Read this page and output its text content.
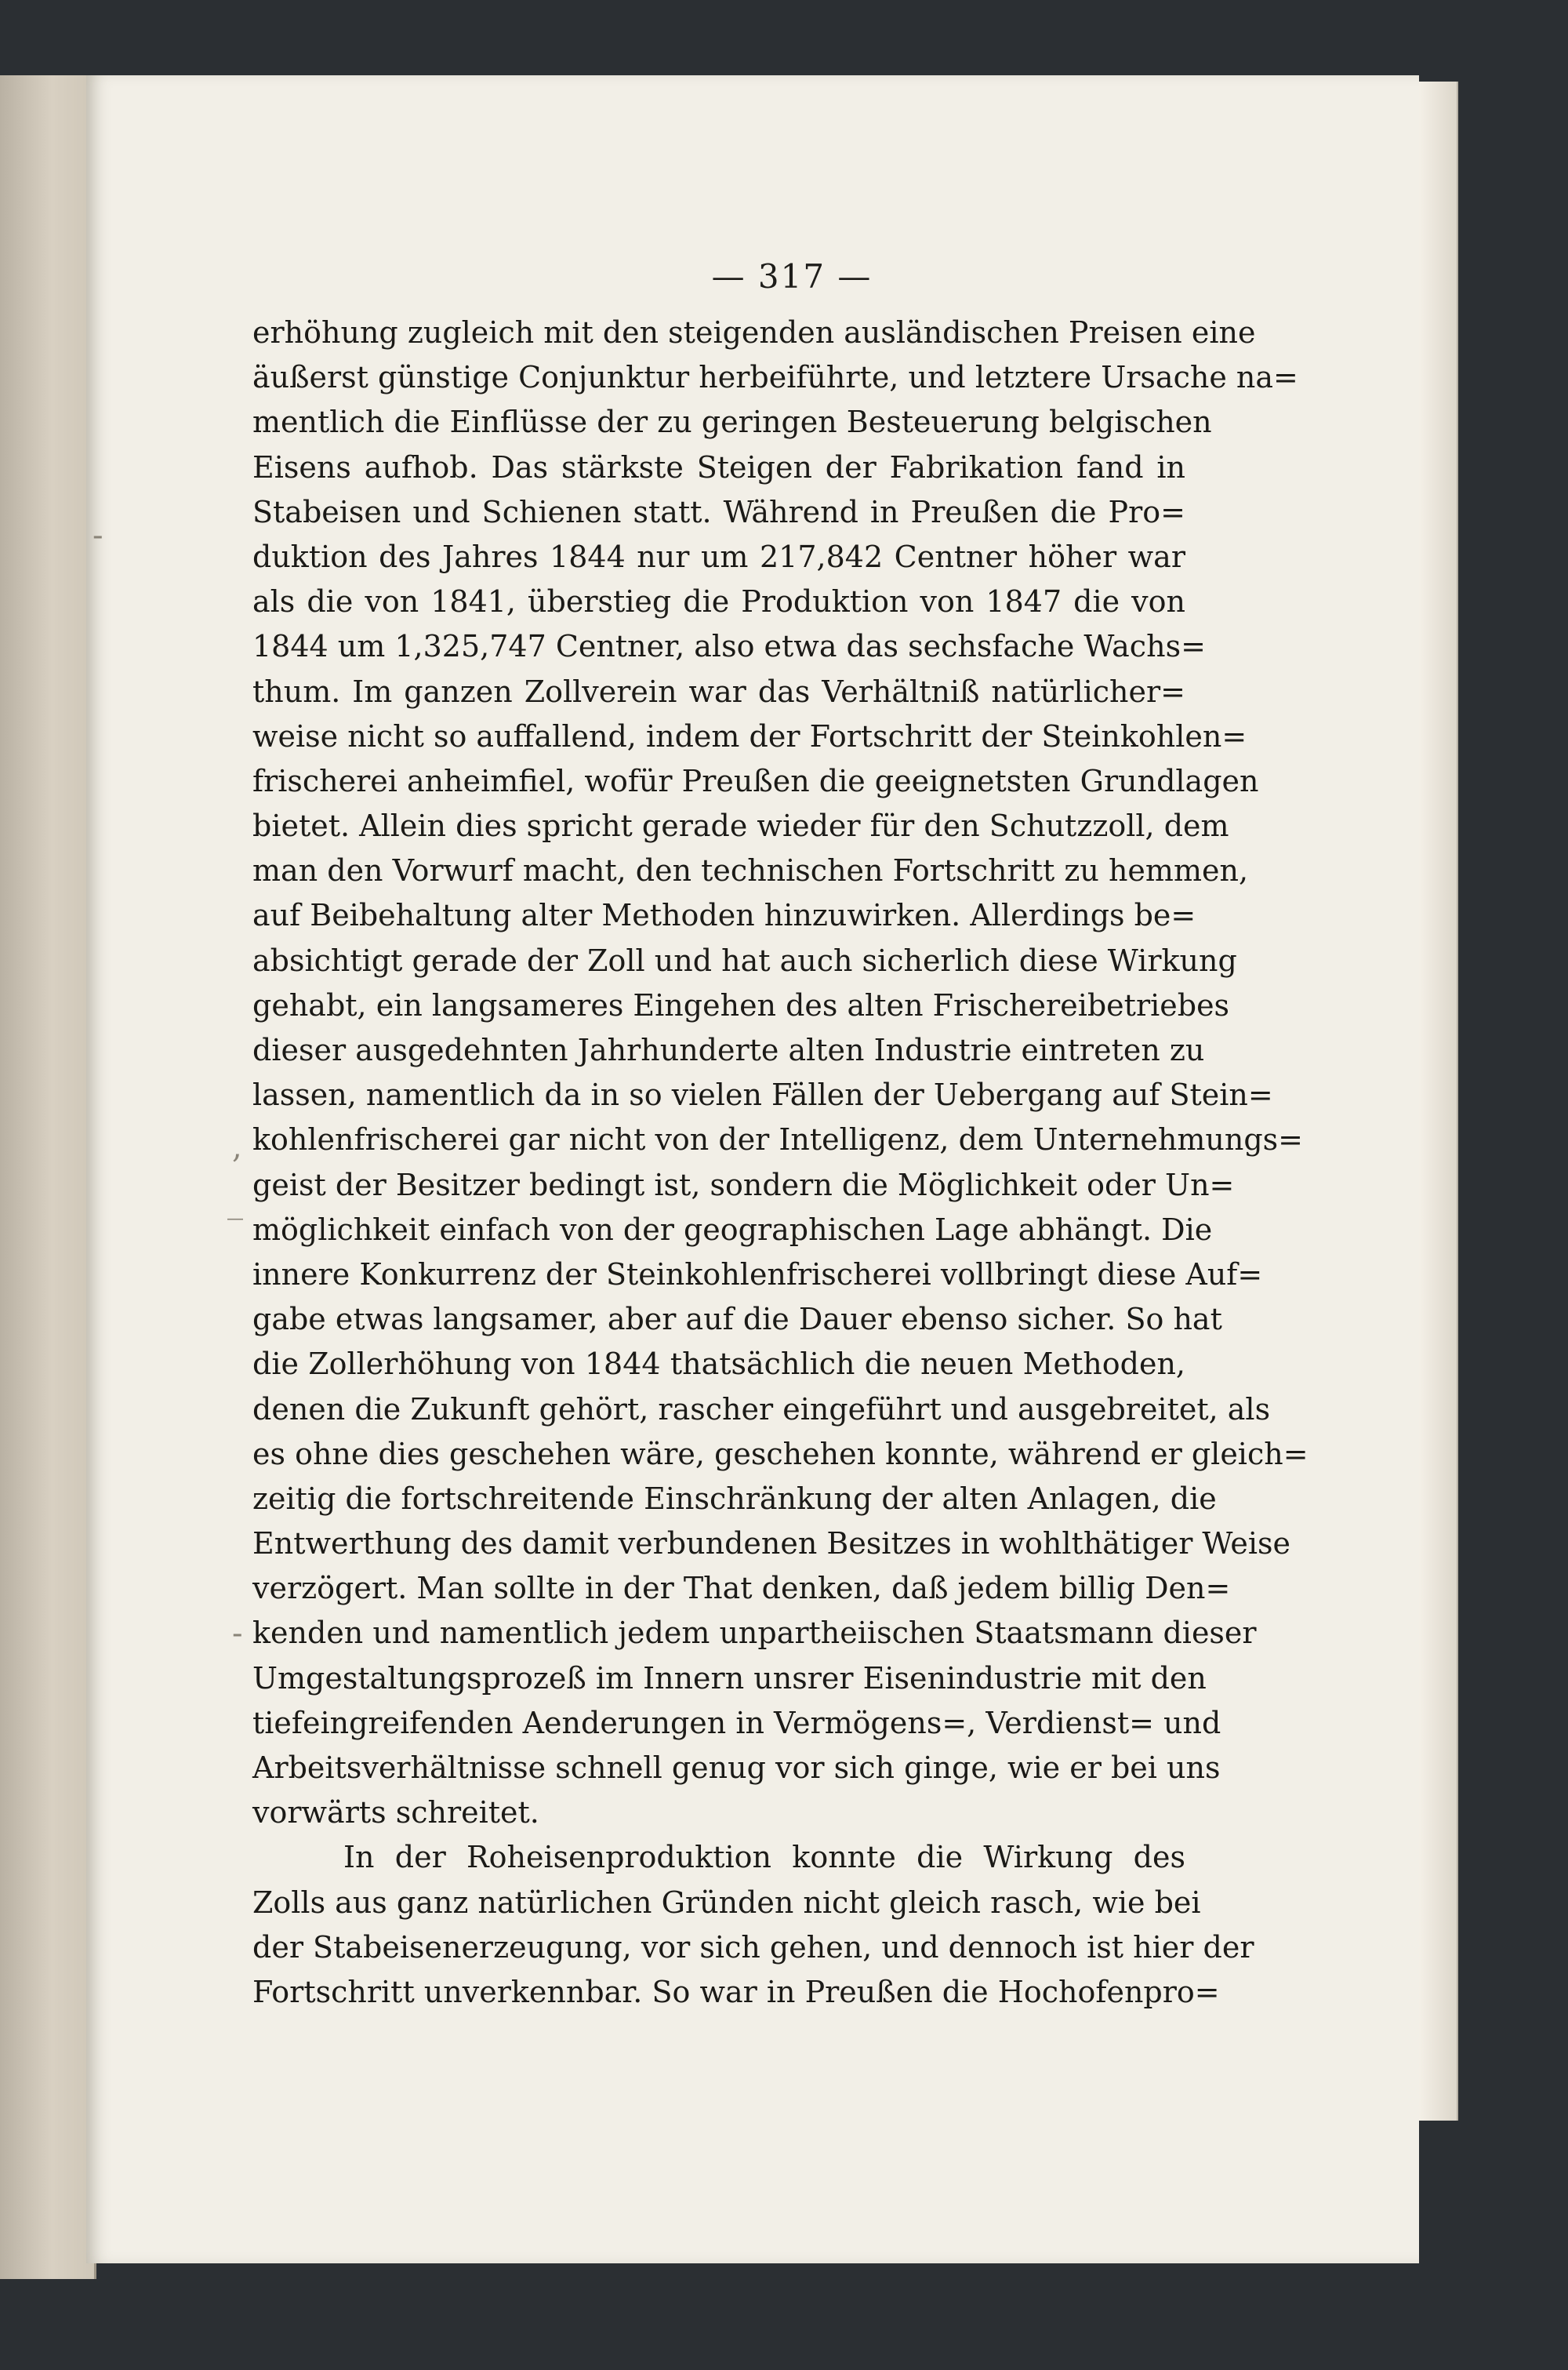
— 317 —
-
,
_
-
erhöhung zugleich mit den steigenden ausländischen Preisen eine
äußerst günstige Conjunktur herbeiführte, und letztere Ursache na=
mentlich die Einflüsse der zu geringen Besteuerung belgischen
Eisens aufhob. Das stärkste Steigen der Fabrikation fand in
Stabeisen und Schienen statt. Während in Preußen die Pro=
duktion des Jahres 1844 nur um 217,842 Centner höher war
als die von 1841, überstieg die Produktion von 1847 die von
1844 um 1,325,747 Centner, also etwa das sechsfache Wachs=
thum. Im ganzen Zollverein war das Verhältniß natürlicher=
weise nicht so auffallend, indem der Fortschritt der Steinkohlen=
frischerei anheimfiel, wofür Preußen die geeignetsten Grundlagen
bietet. Allein dies spricht gerade wieder für den Schutzzoll, dem
man den Vorwurf macht, den technischen Fortschritt zu hemmen,
auf Beibehaltung alter Methoden hinzuwirken. Allerdings be=
absichtigt gerade der Zoll und hat auch sicherlich diese Wirkung
gehabt, ein langsameres Eingehen des alten Frischereibetriebes
dieser ausgedehnten Jahrhunderte alten Industrie eintreten zu
lassen, namentlich da in so vielen Fällen der Uebergang auf Stein=
kohlenfrischerei gar nicht von der Intelligenz, dem Unternehmungs=
geist der Besitzer bedingt ist, sondern die Möglichkeit oder Un=
möglichkeit einfach von der geographischen Lage abhängt. Die
innere Konkurrenz der Steinkohlenfrischerei vollbringt diese Auf=
gabe etwas langsamer, aber auf die Dauer ebenso sicher. So hat
die Zollerhöhung von 1844 thatsächlich die neuen Methoden,
denen die Zukunft gehört, rascher eingeführt und ausgebreitet, als
es ohne dies geschehen wäre, geschehen konnte, während er gleich=
zeitig die fortschreitende Einschränkung der alten Anlagen, die
Entwerthung des damit verbundenen Besitzes in wohlthätiger Weise
verzögert. Man sollte in der That denken, daß jedem billig Den=
kenden und namentlich jedem unpartheiischen Staatsmann dieser
Umgestaltungsprozeß im Innern unsrer Eisenindustrie mit den
tiefeingreifenden Aenderungen in Vermögens=, Verdienst= und
Arbeitsverhältnisse schnell genug vor sich ginge, wie er bei uns
vorwärts schreitet.
In der Roheisenproduktion konnte die Wirkung des
Zolls aus ganz natürlichen Gründen nicht gleich rasch, wie bei
der Stabeisenerzeugung, vor sich gehen, und dennoch ist hier der
Fortschritt unverkennbar. So war in Preußen die Hochofenpro=
